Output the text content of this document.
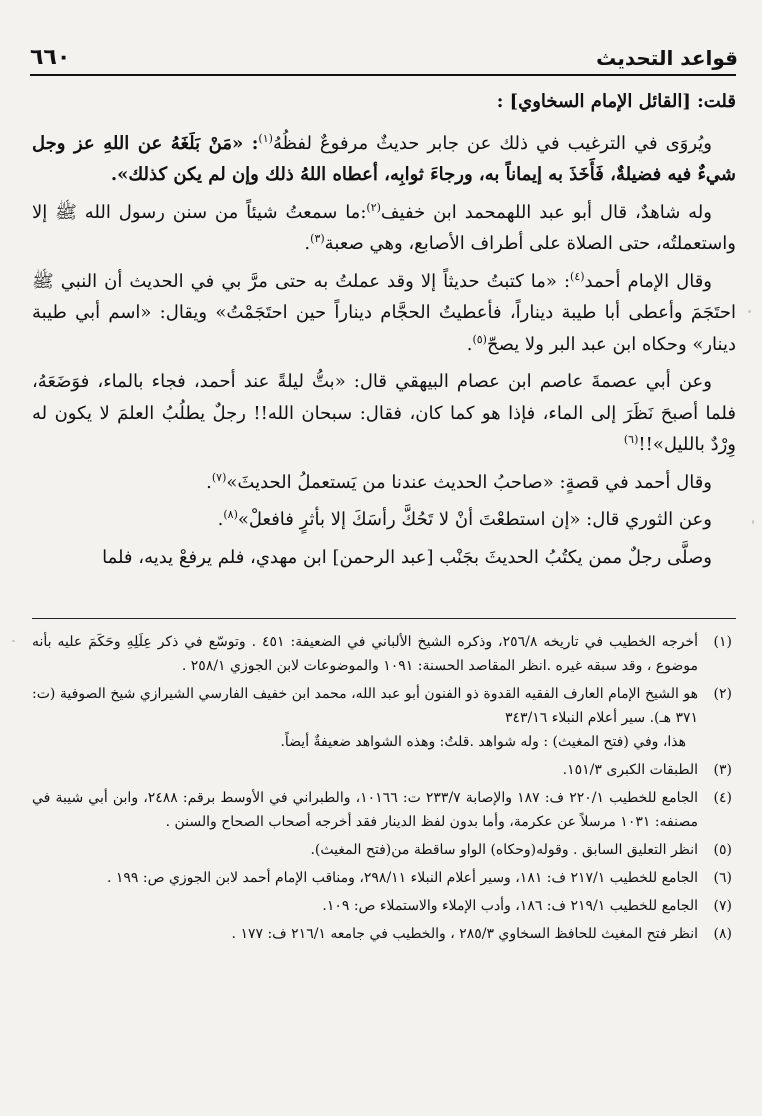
قواعد التحديث
٦٦٠

قلت: [القائل الإمام السخاوي] :

ويُروَى في الترغيب في ذلك عن جابر حديثٌ مرفوعٌ لفظُهُ$^{(١)}$: «مَنْ بَلَغَهُ عن اللهِ عز وجل شيءٌ فيه فضيلةٌ، فَأَخَذَ به إيماناً به، ورجاءَ ثوابِه، أعطاه اللهُ ذلك وإن لم يكن كذلك».

وله شاهدٌ، قال أبو عبد اللهمحمد ابن خفيف$^{(٢)}$:ما سمعتُ شيئاً من سنن رسول الله ﷺ إلا واستعملتُه، حتى الصلاة على أطراف الأصابع، وهي صعبة$^{(٣)}$.

وقال الإمام أحمد$^{(٤)}$: «ما كتبتُ حديثاً إلا وقد عملتُ به حتى مرَّ بي في الحديث أن النبي ﷺ احتَجَمَ وأعطى أبا طيبة ديناراً، فأعطيتُ الحجَّام ديناراً حين احتَجَمْتُ» ويقال: «اسم أبي طيبة دينار» وحكاه ابن عبد البر ولا يصحّ$^{(٥)}$.

وعن أبي عصمةَ عاصم ابن عصام البيهقي قال: «بتُّ ليلةً عند أحمد، فجاء بالماء، فوَضَعَهُ، فلما أصبحَ نَظَرَ إلى الماء، فإذا هو كما كان، فقال: سبحان الله!! رجلٌ يطلُبُ العلمَ لا يكون له وِرْدٌ بالليل»!!$^{(٦)}$

وقال أحمد في قصةٍ: «صاحبُ الحديث عندنا من يَستعملُ الحديثَ»$^{(٧)}$.

وعن الثوري قال: «إن استطعْتَ أنْ لا تَحُكَّ رأسَكَ إلا بأثرٍ فافعلْ»$^{(٨)}$.

وصلَّى رجلٌ ممن يكتُبُ الحديثَ بجَنْب [عبد الرحمن] ابن مهدي، فلم يرفعْ يديه، فلما

(١)
أخرجه الخطيب في تاريخه ٢٥٦/٨، وذكره الشيخ الألباني في الضعيفة: ٤٥١ . وتوسّع في ذكر عِلَلِهِ وحَكَمَ عليه بأنه موضوع ، وقد سبقه غيره .انظر المقاصد الحسنة: ١٠٩١ والموضوعات لابن الجوزي ٢٥٨/١ .
(٢)
هو الشيخ الإمام العارف الفقيه القدوة ذو الفنون أبو عبد الله، محمد ابن خفيف الفارسي الشيرازي شيخ الصوفية (ت: ٣٧١ هـ). سير أعلام النبلاء ٣٤٣/١٦
هذا، وفي (فتح المغيث) : وله شواهد .قلتُ: وهذه الشواهد ضعيفةٌ أيضاً.
(٣)
الطبقات الكبرى ١٥١/٣.
(٤)
الجامع للخطيب ٢٢٠/١ ف: ١٨٧ والإصابة ٢٣٣/٧ ت: ١٠١٦٦، والطبراني في الأوسط برقم: ٢٤٨٨، وابن أبي شيبة في مصنفه: ١٠٣١ مرسلاً عن عكرمة، وأما بدون لفظ الدينار فقد أخرجه أصحاب الصحاح والسنن .
(٥)
انظر التعليق السابق . وقوله(وحكاه) الواو ساقطة من(فتح المغيث).
(٦)
الجامع للخطيب ٢١٧/١ ف: ١٨١، وسير أعلام النبلاء ٢٩٨/١١، ومناقب الإمام أحمد لابن الجوزي ص: ١٩٩ .
(٧)
الجامع للخطيب ٢١٩/١ ف: ١٨٦، وأدب الإملاء والاستملاء ص: ١٠٩.
(٨)
انظر فتح المغيث للحافظ السخاوي ٢٨٥/٣ ، والخطيب في جامعه ٢١٦/١ ف: ١٧٧ .
